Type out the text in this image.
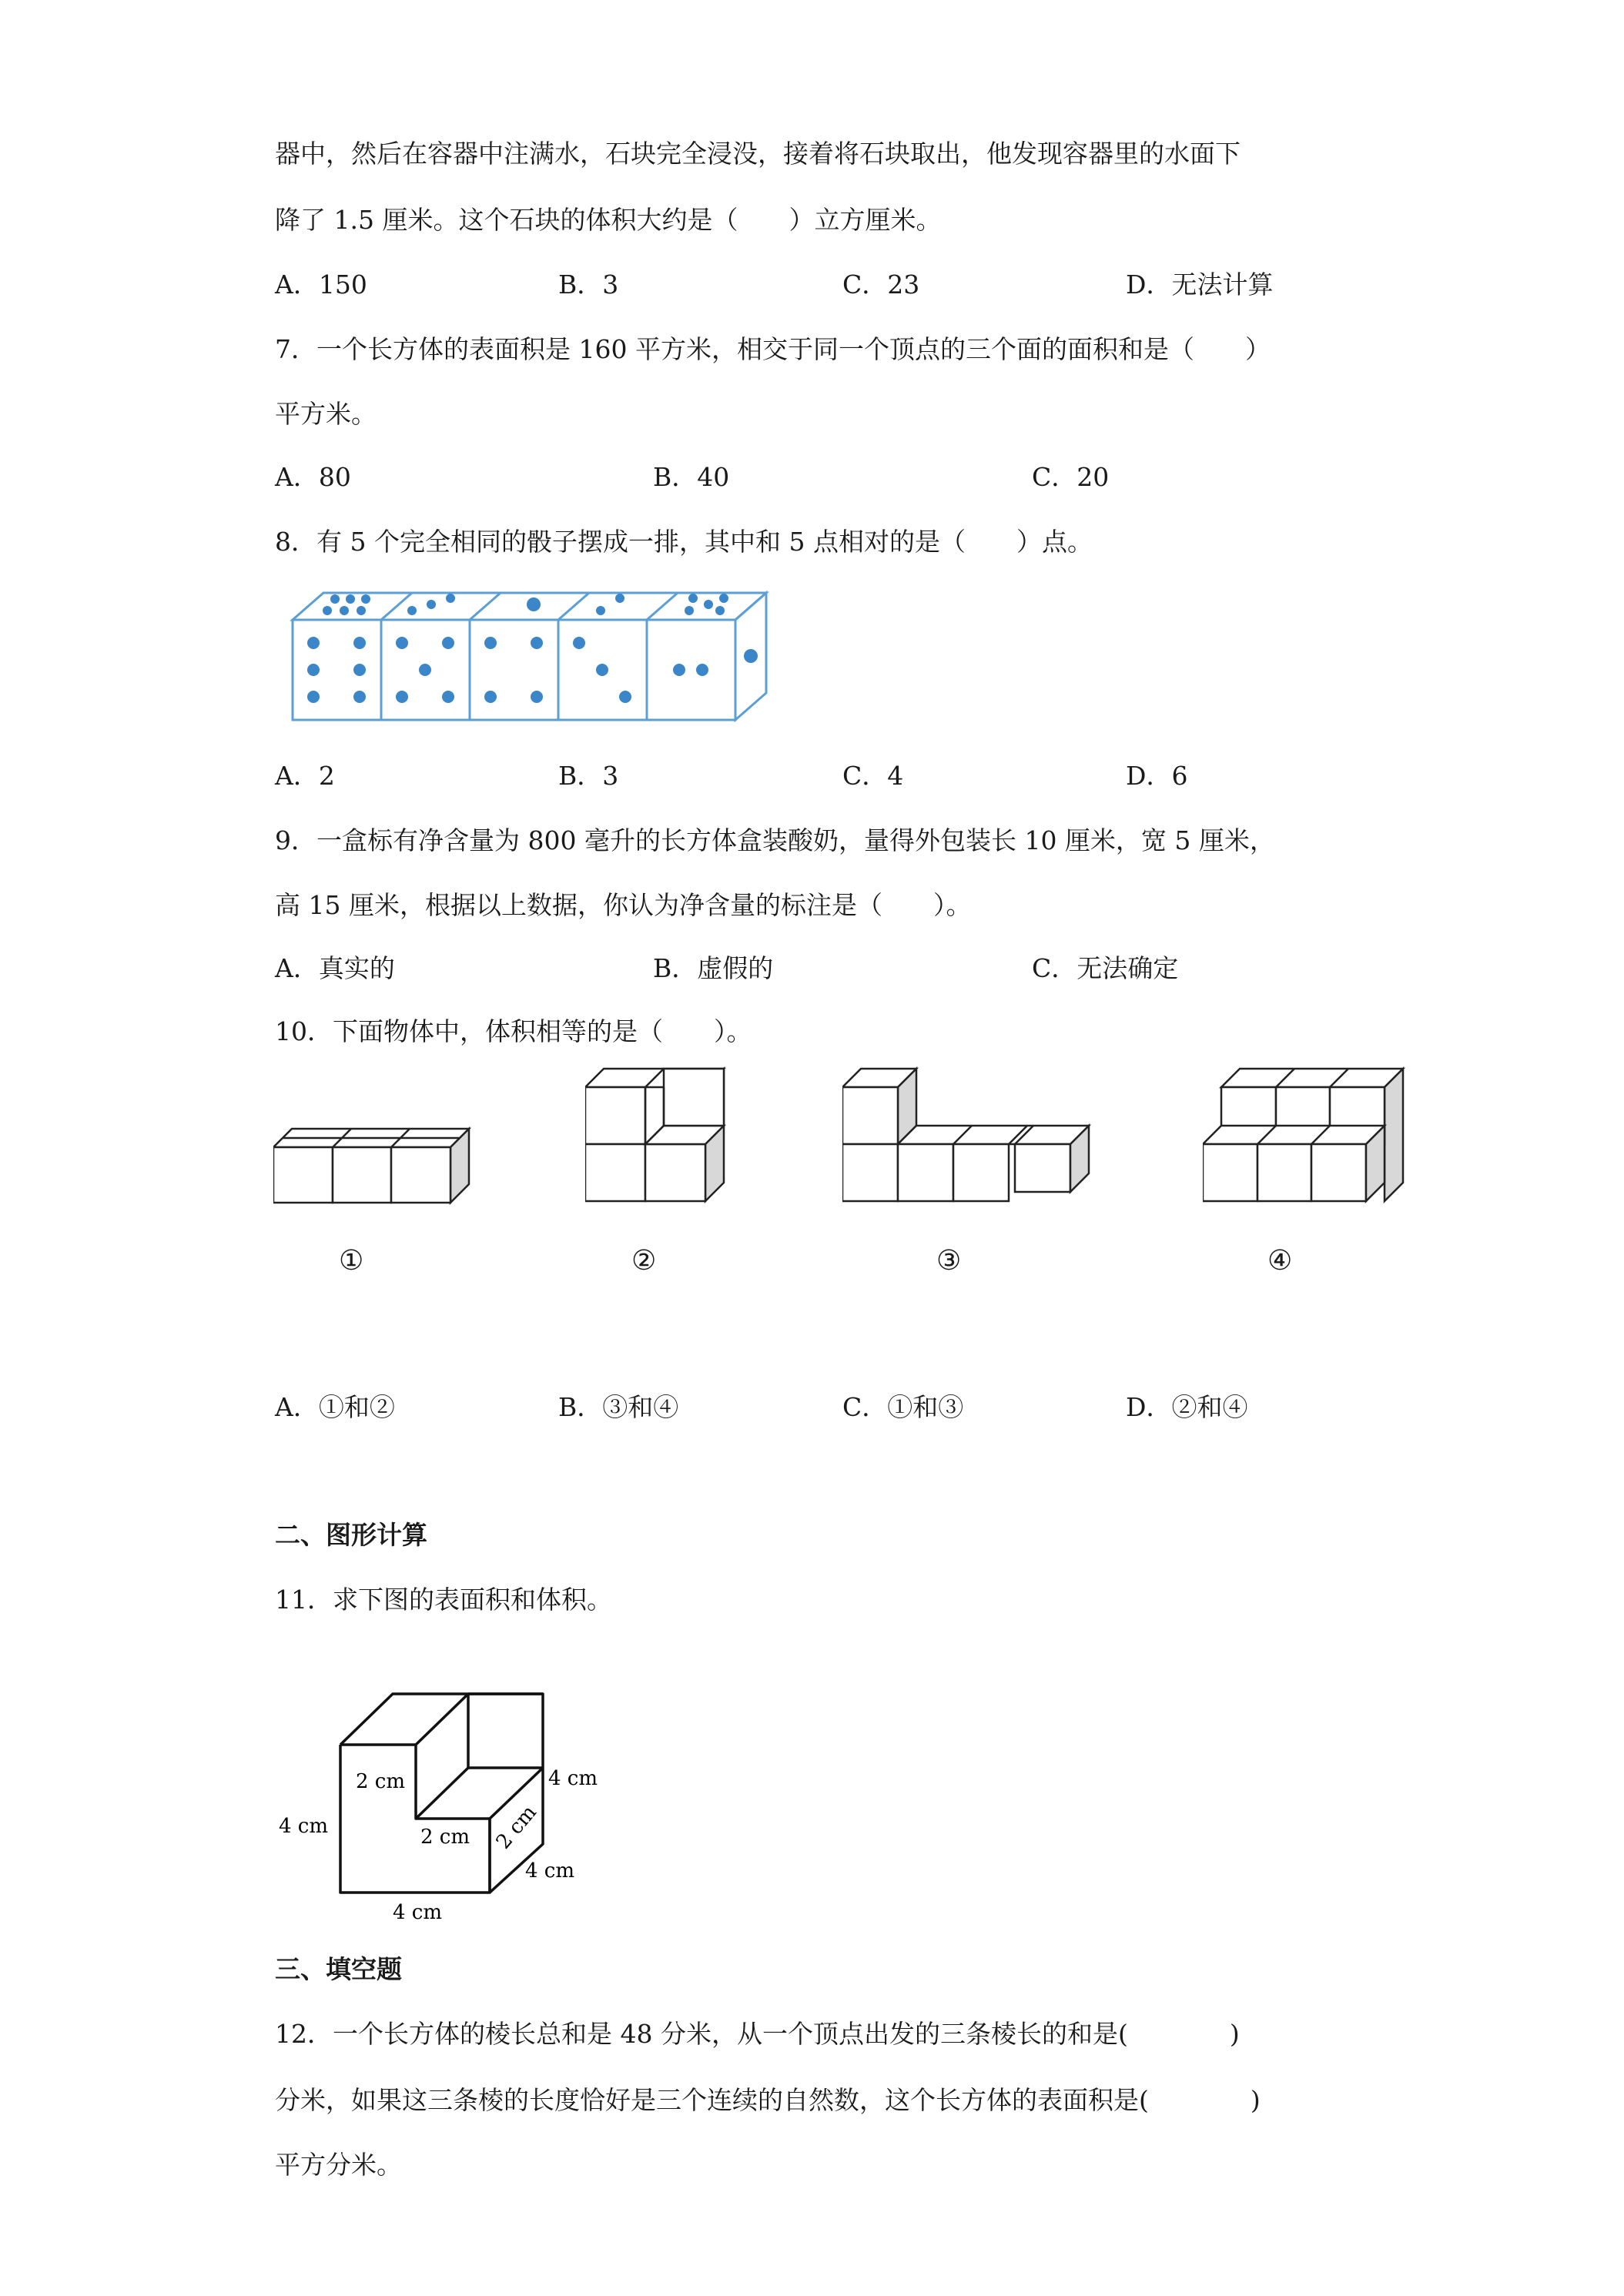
器中，然后在容器中注满水，石块完全浸没，接着将石块取出，他发现容器里的水面下
降了 1.5 厘米。这个石块的体积大约是（　　）立方厘米。
A．150	B．3	C．23	D．无法计算
7．一个长方体的表面积是 160 平方米，相交于同一个顶点的三个面的面积和是（　　）
平方米。
A．80	B．40	C．20
8．有 5 个完全相同的骰子摆成一排，其中和 5 点相对的是（　　）点。
A．2	B．3	C．4	D．6
9．一盒标有净含量为 800 毫升的长方体盒装酸奶，量得外包装长 10 厘米，宽 5 厘米，
高 15 厘米，根据以上数据，你认为净含量的标注是（　　）。
A．真实的	B．虚假的	C．无法确定
10．下面物体中，体积相等的是（　　）。
①	②	③	④
A．①和②	B．③和④	C．①和③	D．②和④
二、图形计算
11．求下图的表面积和体积。
2 cm	4 cm
4 cm	2 cm 2 cm
4 cm
4 cm
三、填空题
12．一个长方体的棱长总和是 48 分米，从一个顶点出发的三条棱长的和是(　　　　)
分米，如果这三条棱的长度恰好是三个连续的自然数，这个长方体的表面积是(　　　　)
平方分米。
